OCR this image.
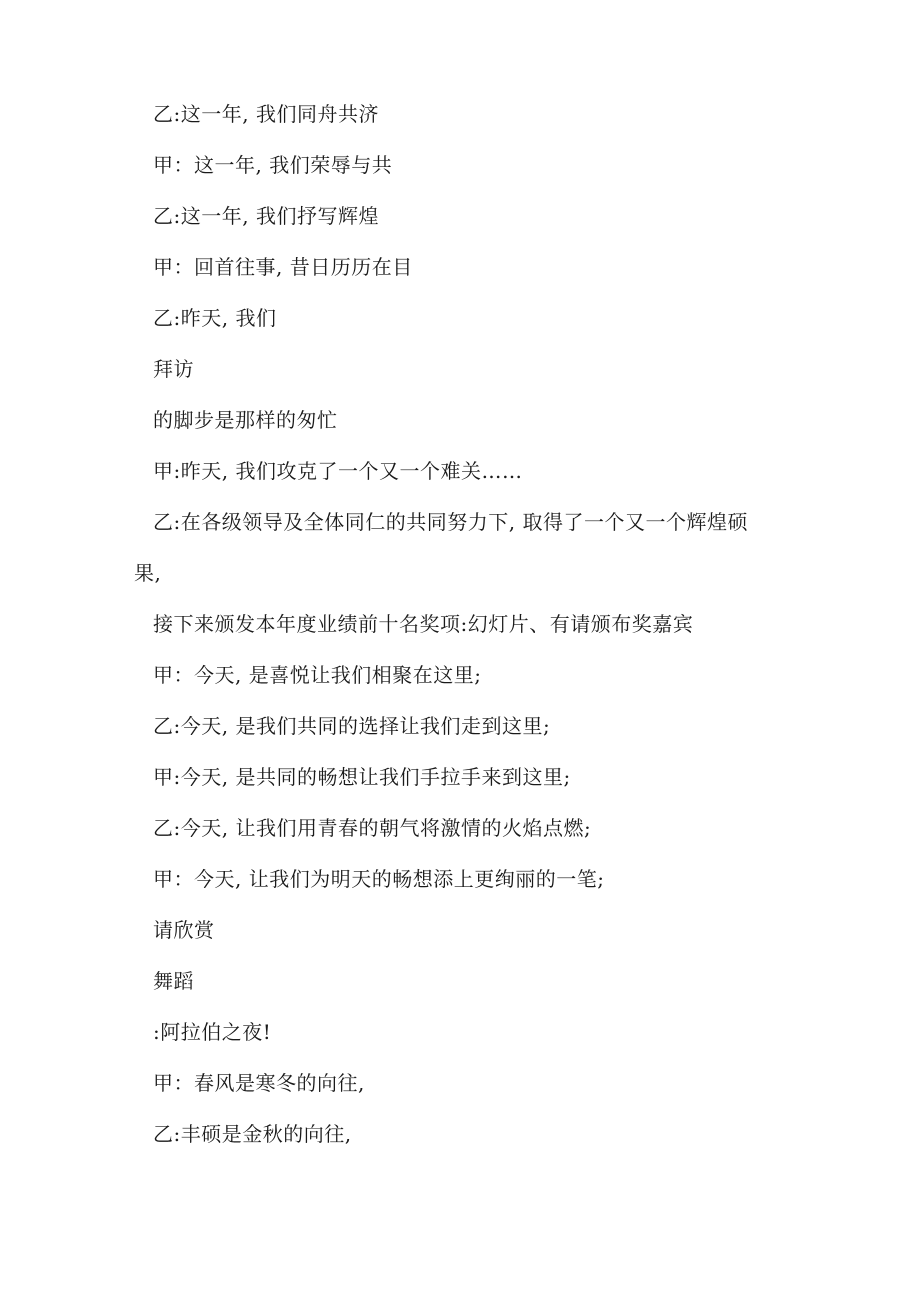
乙:这一年, 我们同舟共济
甲：这一年, 我们荣辱与共
乙:这一年, 我们抒写辉煌
甲：回首往事, 昔日历历在目
乙:昨天, 我们
拜访
的脚步是那样的匆忙
甲:昨天, 我们攻克了一个又一个难关……
乙:在各级领导及全体同仁的共同努力下, 取得了一个又一个辉煌硕
果,
接下来颁发本年度业绩前十名奖项:幻灯片、有请颁布奖嘉宾
甲：今天, 是喜悦让我们相聚在这里;
乙:今天, 是我们共同的选择让我们走到这里;
甲:今天, 是共同的畅想让我们手拉手来到这里;
乙:今天, 让我们用青春的朝气将激情的火焰点燃;
甲：今天, 让我们为明天的畅想添上更绚丽的一笔;
请欣赏
舞蹈
:阿拉伯之夜!
甲：春风是寒冬的向往,
乙:丰硕是金秋的向往,
